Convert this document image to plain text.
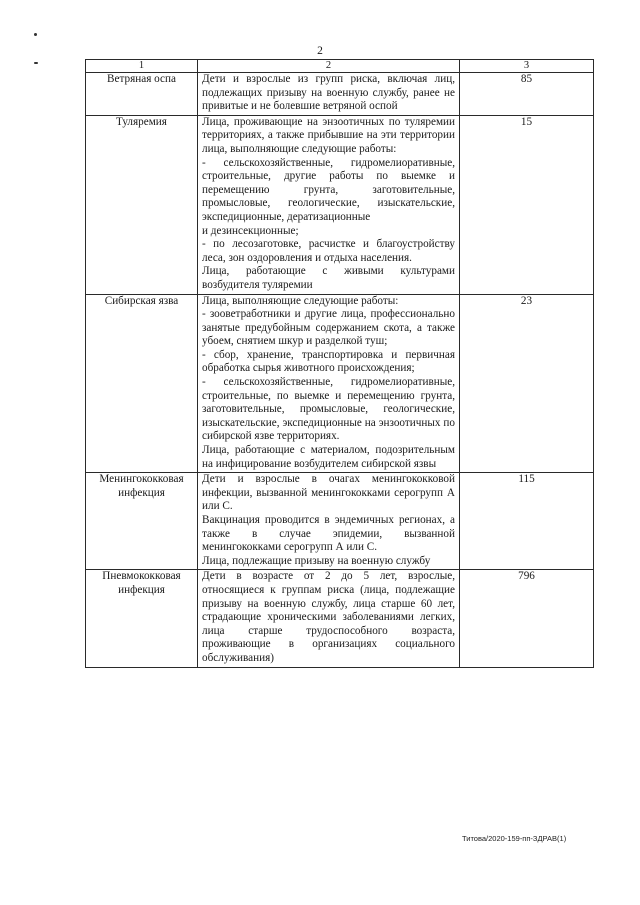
2
1	2	3
Ветряная оспа	Дети и взрослые из групп риска, включая лиц, подлежащих призыву на военную службу, ранее не привитые и не болевшие ветряной оспой	85
Туляремия	Лица, проживающие на энзоотичных по туляремии территориях, а также прибывшие на эти территории лица, выполняющие следующие работы:
- сельскохозяйственные, гидромелиоративные, строительные, другие работы по выемке и перемещению грунта, заготовительные, промысловые, геологические, изыскательские, экспедиционные, дератизационные
и дезинсекционные;
- по лесозаготовке, расчистке и благоустройству леса, зон оздоровления и отдыха населения.
Лица, работающие с живыми культурами возбудителя туляремии	15
Сибирская язва	Лица, выполняющие следующие работы:
- зооветработники и другие лица, профессионально занятые предубойным содержанием скота, а также убоем, снятием шкур и разделкой туш;
- сбор, хранение, транспортировка и первичная обработка сырья животного происхождения;
- сельскохозяйственные, гидромелиоративные, строительные, по выемке и перемещению грунта, заготовительные, промысловые, геологические, изыскательские, экспедиционные на энзоотичных по сибирской язве территориях.
Лица, работающие с материалом, подозрительным на инфицирование возбудителем сибирской язвы	23
Менингококковая инфекция	Дети и взрослые в очагах менингококковой инфекции, вызванной менингококками серогрупп А или С.
Вакцинация проводится в эндемичных регионах, а также в случае эпидемии, вызванной менингококками серогрупп А или С.
Лица, подлежащие призыву на военную службу	115
Пневмококковая инфекция	Дети в возрасте от 2 до 5 лет, взрослые, относящиеся к группам риска (лица, подлежащие призыву на военную службу, лица старше 60 лет, страдающие хроническими заболеваниями легких, лица старше трудоспособного возраста, проживающие в организациях социального обслуживания)	796
Титова/2020-159-пп-ЗДРАВ(1)
